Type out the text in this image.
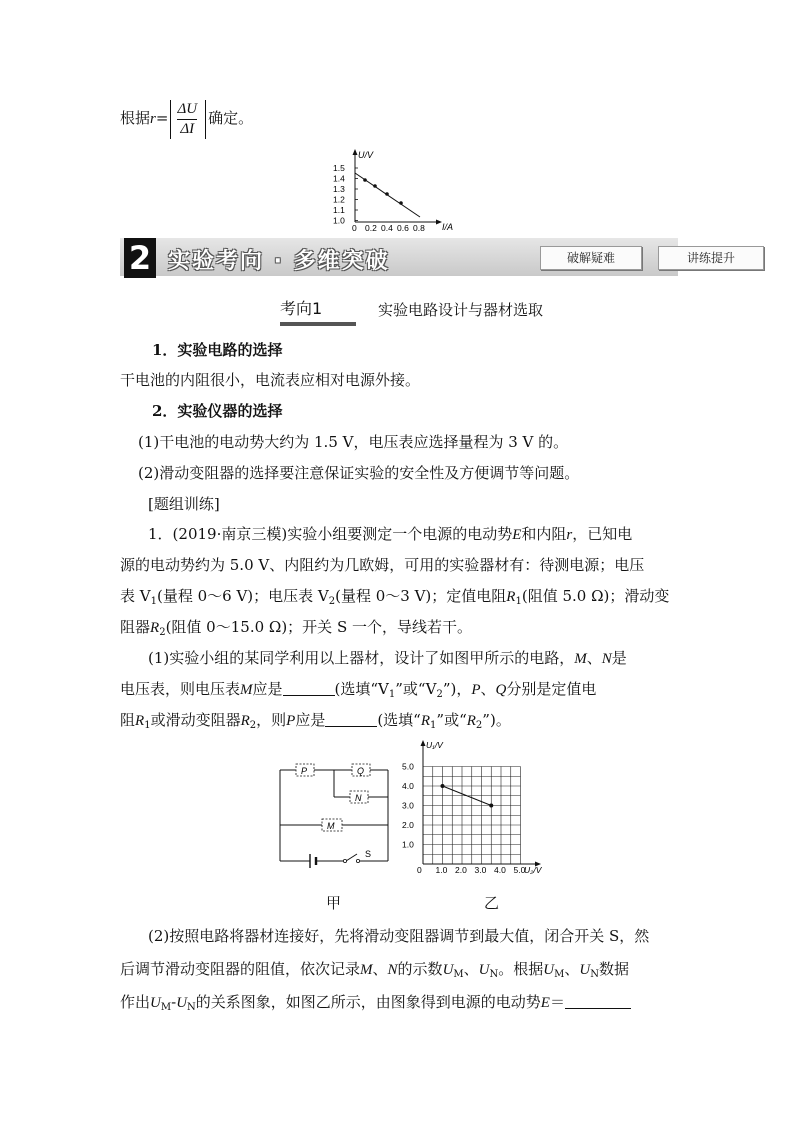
根据$r= \frac{\Delta U}{\Delta I}$ 确定。
U/V
I/A
1.5
1.4
1.3
1.2
1.1
1.0
0 0.2 0.4 0.6 0.8
2 实验考向 · 多维突破	破解疑难	讲练提升
考向1	实验电路设计与器材选取
1．实验电路的选择
干电池的内阻很小，电流表应相对电源外接。
2．实验仪器的选择
(1)干电池的电动势大约为 1.5 V，电压表应选择量程为 3 V 的。
(2)滑动变阻器的选择要注意保证实验的安全性及方便调节等问题。
[题组训练]
1．(2019·南京三模)实验小组要测定一个电源的电动势E和内阻r，已知电
源的电动势约为 5.0 V、内阻约为几欧姆，可用的实验器材有：待测电源；电压
表 $V_1$(量程 0～6 V)；电压表 $V_2$(量程 0～3 V)；定值电阻$R_1$(阻值 5.0 Ω)；滑动变
阻器$R_2$(阻值 0～15.0 Ω)；开关 S 一个，导线若干。
(1)实验小组的某同学利用以上器材，设计了如图甲所示的电路，M、N是
电压表，则电压表M应是	(选填“$V_1$”或“$V_2$”)，P、Q分别是定值电
阻$R_1$或滑动变阻器$R_2$，则P应是	(选填“$R_1$”或“$R_2$”)。
S
P	Q
N
M
甲
U₁/V
U₂/V
5.0
4.0
3.0
2.0
1.0
0 1.0 2.0 3.0 4.0 5.0
乙
(2)按照电路将器材连接好，先将滑动变阻器调节到最大值，闭合开关 S，然
后调节滑动变阻器的阻值，依次记录M、N的示数$U_M$、$U_N$。根据$U_M$、$U_N$数据
作出$U_M-U_N$的关系图象，如图乙所示，由图象得到电源的电动势E＝
